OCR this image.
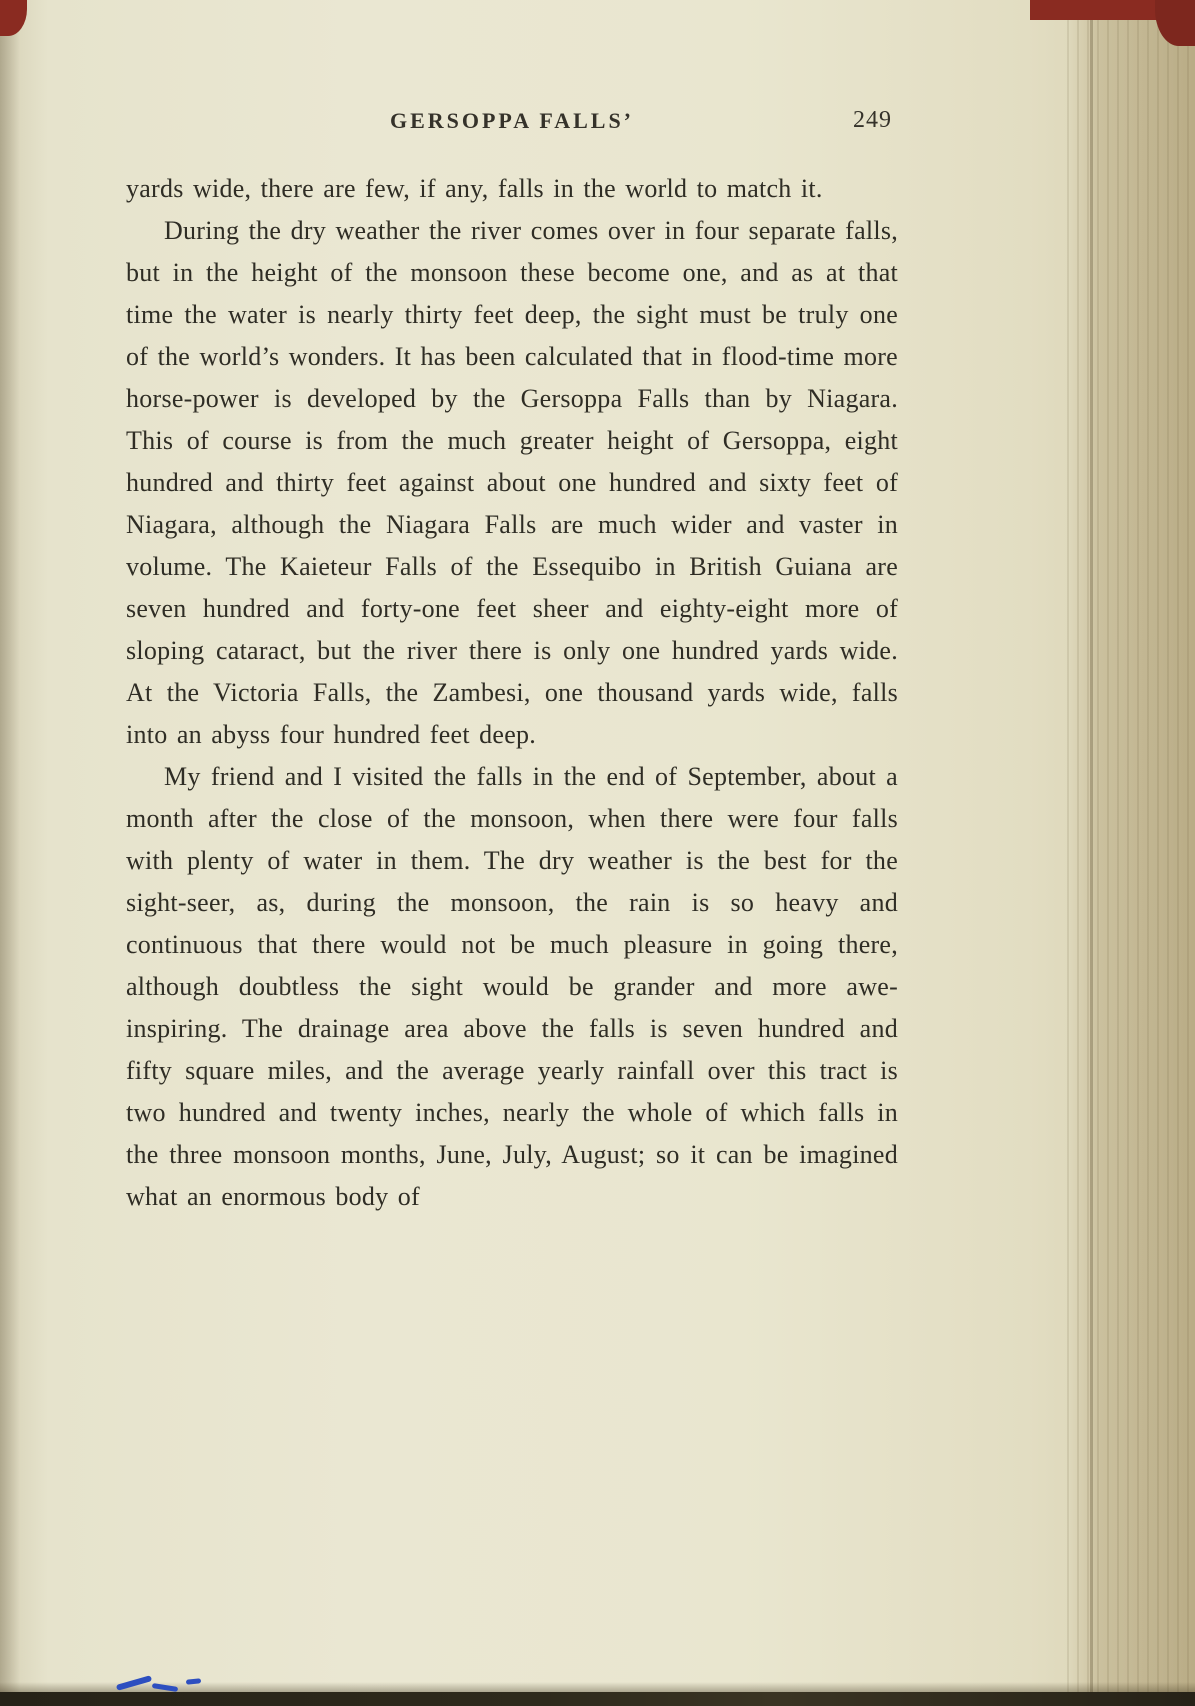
GERSOPPA FALLS’	249

yards wide, there are few, if any, falls in the world to match it.

During the dry weather the river comes over in four separate falls, but in the height of the monsoon these become one, and as at that time the water is nearly thirty feet deep, the sight must be truly one of the world’s wonders. It has been calculated that in flood-time more horse-power is developed by the Gersoppa Falls than by Niagara. This of course is from the much greater height of Gersoppa, eight hundred and thirty feet against about one hundred and sixty feet of Niagara, although the Niagara Falls are much wider and vaster in volume. The Kaieteur Falls of the Essequibo in British Guiana are seven hundred and forty-one feet sheer and eighty-eight more of sloping cataract, but the river there is only one hundred yards wide. At the Victoria Falls, the Zambesi, one thousand yards wide, falls into an abyss four hundred feet deep.

My friend and I visited the falls in the end of September, about a month after the close of the monsoon, when there were four falls with plenty of water in them. The dry weather is the best for the sight-seer, as, during the monsoon, the rain is so heavy and continuous that there would not be much pleasure in going there, although doubtless the sight would be grander and more awe-inspiring. The drainage area above the falls is seven hundred and fifty square miles, and the average yearly rainfall over this tract is two hundred and twenty inches, nearly the whole of which falls in the three monsoon months, June, July, August; so it can be imagined what an enormous body of
